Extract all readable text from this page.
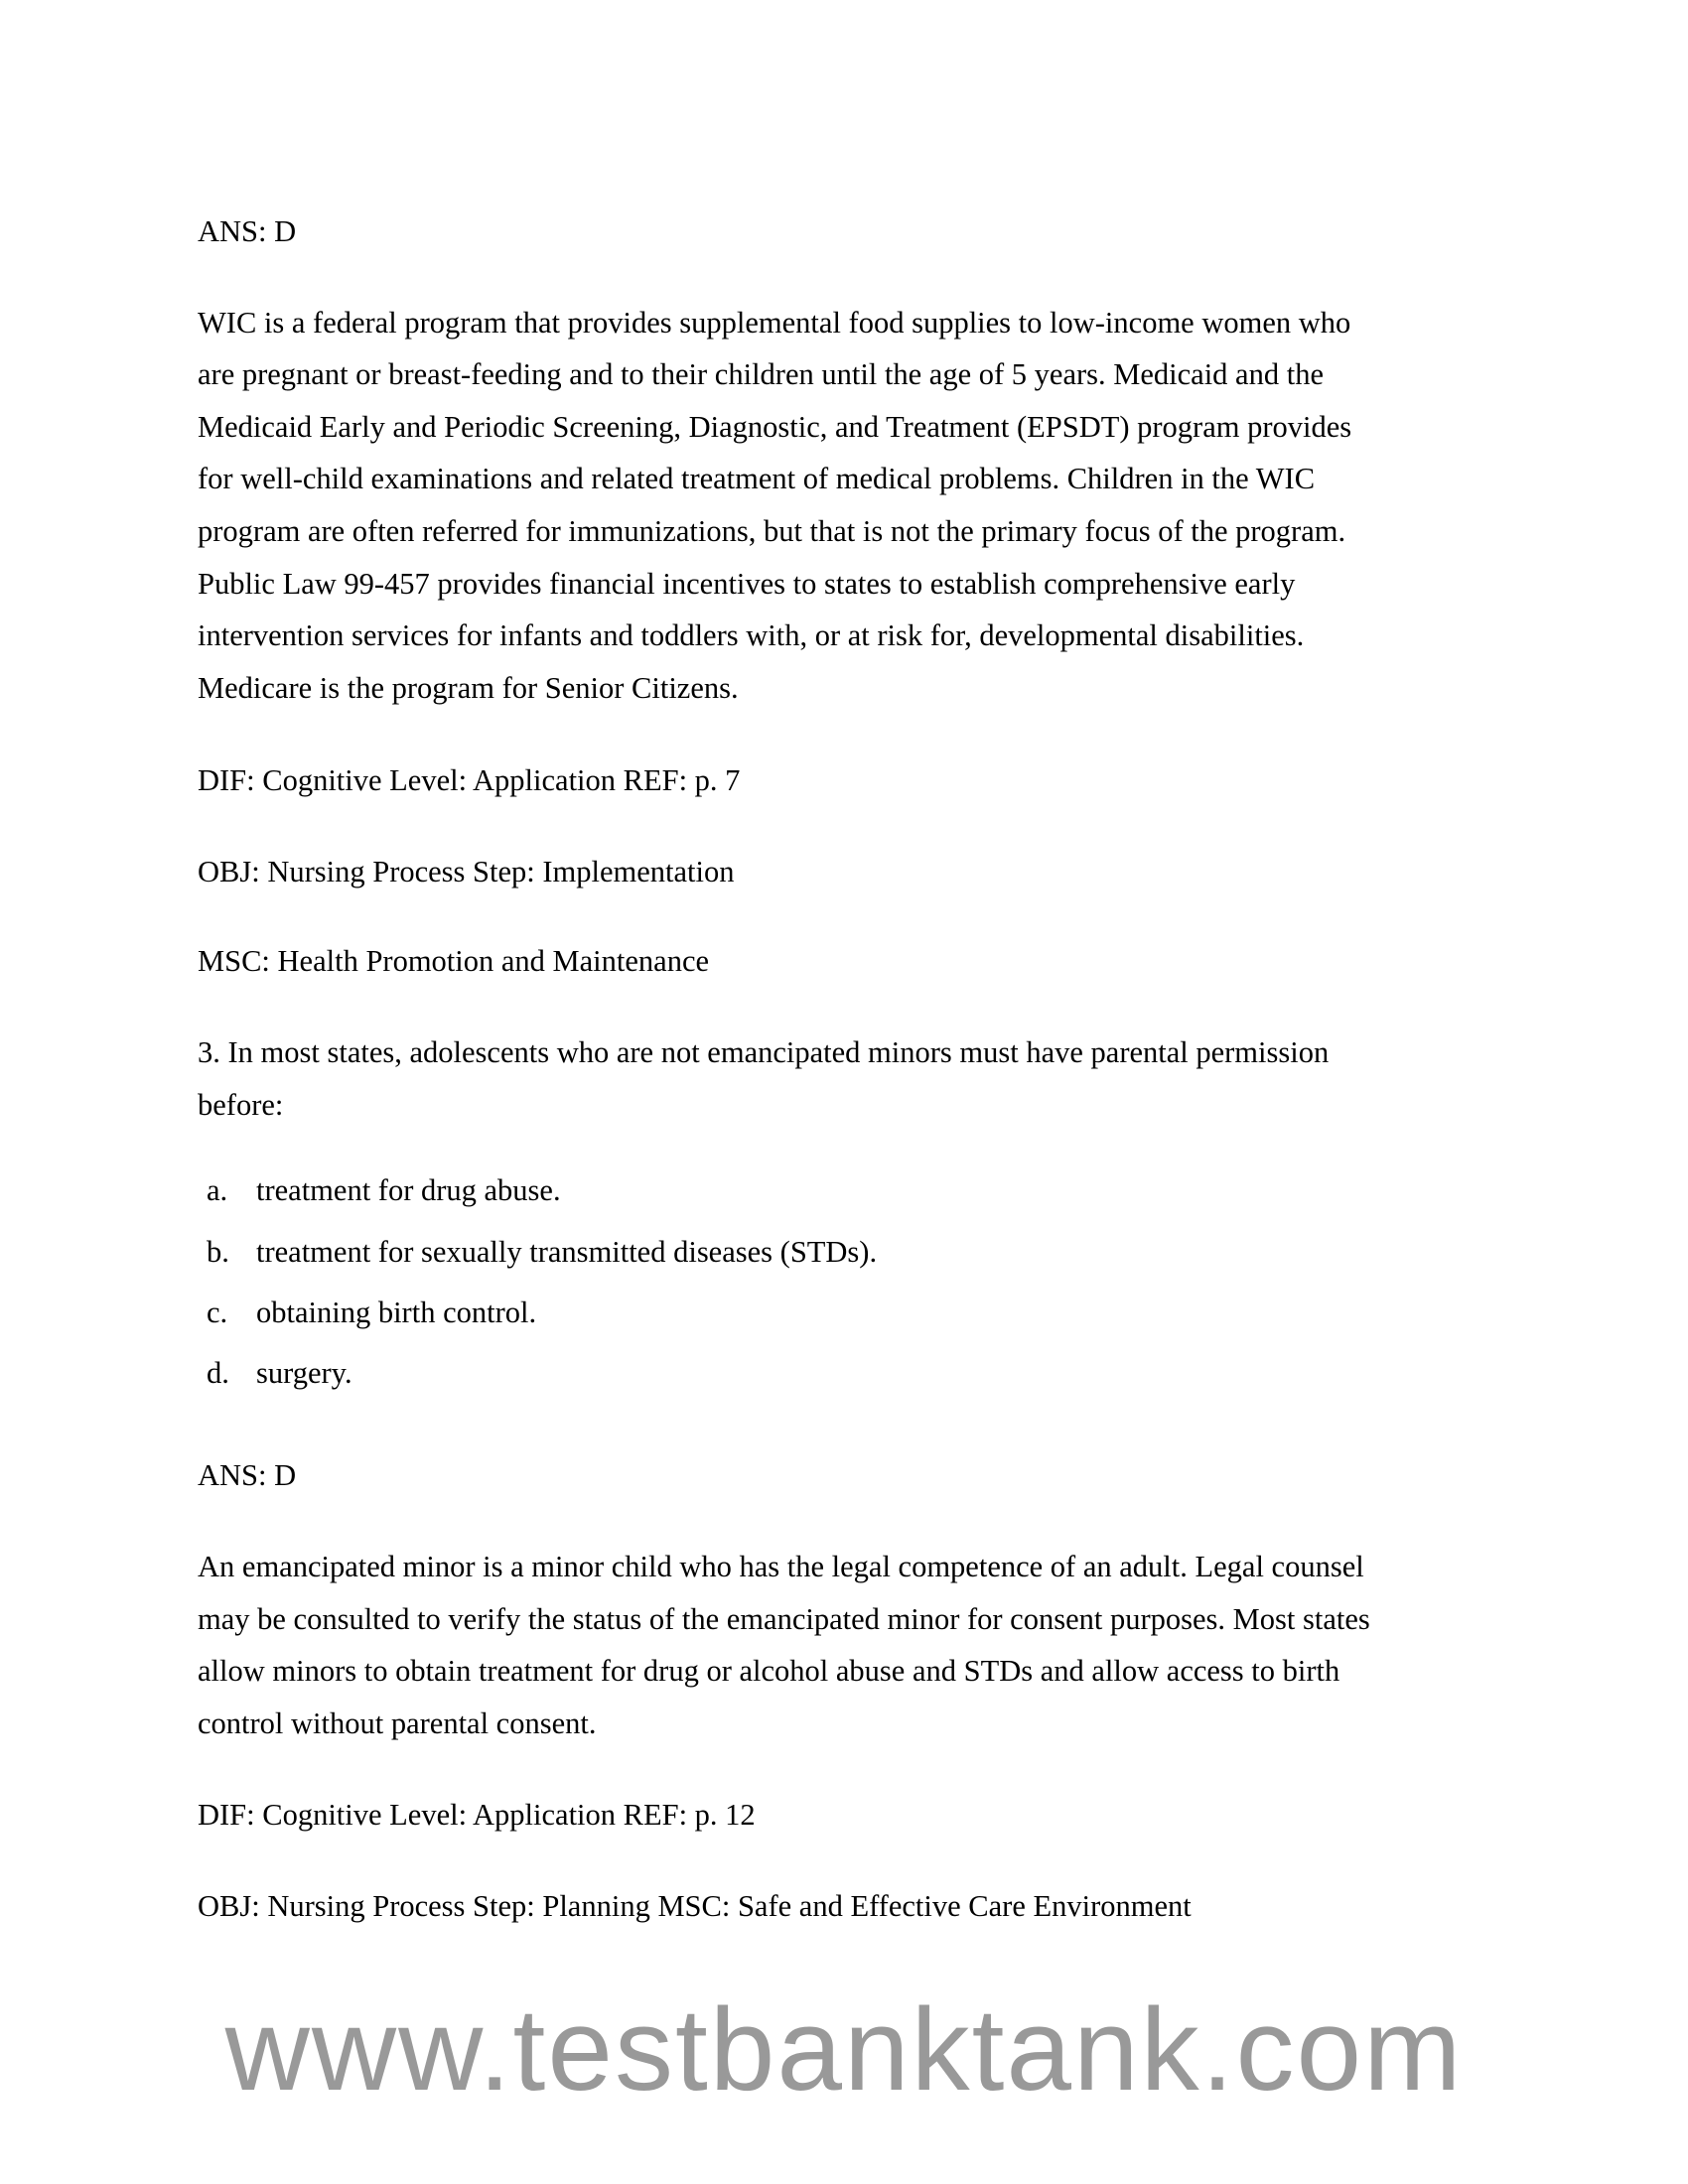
ANS: D
WIC is a federal program that provides supplemental food supplies to low-income women who
are pregnant or breast-feeding and to their children until the age of 5 years. Medicaid and the
Medicaid Early and Periodic Screening, Diagnostic, and Treatment (EPSDT) program provides
for well-child examinations and related treatment of medical problems. Children in the WIC
program are often referred for immunizations, but that is not the primary focus of the program.
Public Law 99-457 provides financial incentives to states to establish comprehensive early
intervention services for infants and toddlers with, or at risk for, developmental disabilities.
Medicare is the program for Senior Citizens.
DIF: Cognitive Level: Application REF: p. 7
OBJ: Nursing Process Step: Implementation
MSC: Health Promotion and Maintenance
3. In most states, adolescents who are not emancipated minors must have parental permission
before:
a. treatment for drug abuse.
b. treatment for sexually transmitted diseases (STDs).
c. obtaining birth control.
d. surgery.
ANS: D
An emancipated minor is a minor child who has the legal competence of an adult. Legal counsel
may be consulted to verify the status of the emancipated minor for consent purposes. Most states
allow minors to obtain treatment for drug or alcohol abuse and STDs and allow access to birth
control without parental consent.
DIF: Cognitive Level: Application REF: p. 12
OBJ: Nursing Process Step: Planning MSC: Safe and Effective Care Environment
www.testbanktank.com
